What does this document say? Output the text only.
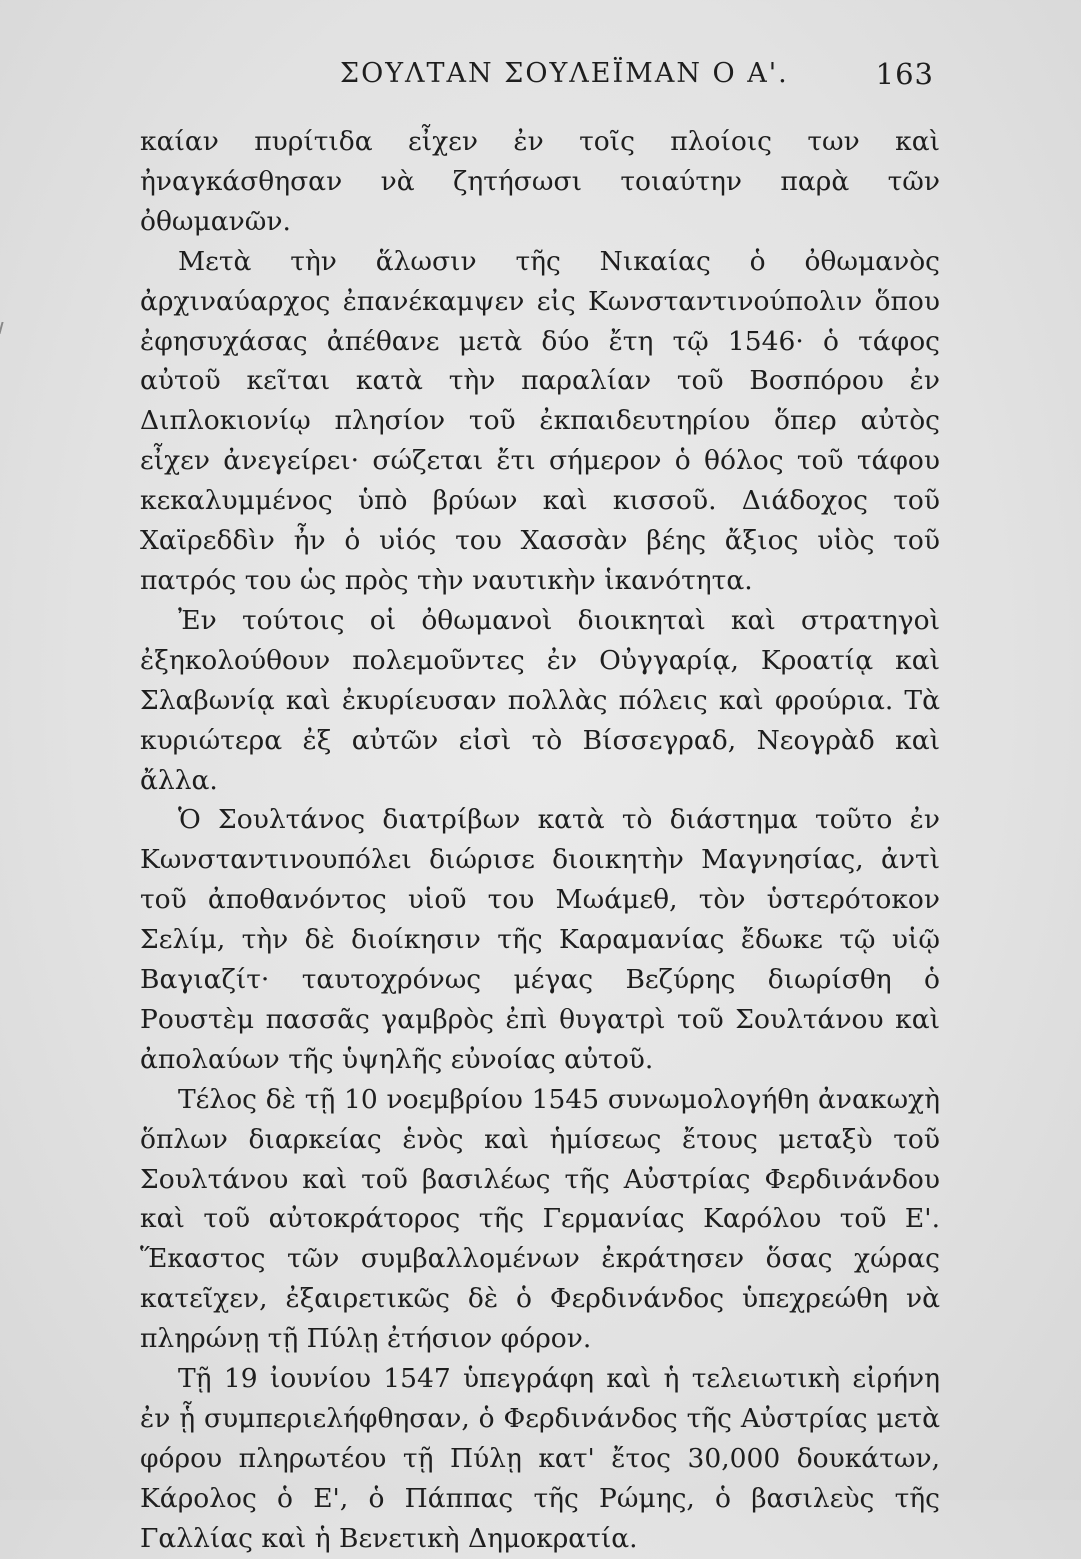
ΣΟΥΛΤΑΝ ΣΟΥΛΕΪΜΑΝ Ο Α'.	163

καίαν πυρίτιδα εἶχεν ἐν τοῖς πλοίοις των καὶ ἠναγκάσθησαν νὰ ζητήσωσι τοιαύτην παρὰ τῶν ὀθωμανῶν.

Μετὰ τὴν ἅλωσιν τῆς Νικαίας ὁ ὀθωμανὸς ἀρχιναύαρχος ἐπανέκαμψεν εἰς Κωνσταντινούπολιν ὅπου ἐφησυχάσας ἀπέθανε μετὰ δύο ἔτη τῷ 1546· ὁ τάφος αὐτοῦ κεῖται κατὰ τὴν παραλίαν τοῦ Βοσπόρου ἐν Διπλοκιονίῳ πλησίον τοῦ ἐκπαιδευτηρίου ὅπερ αὐτὸς εἶχεν ἀνεγείρει· σώζεται ἔτι σήμερον ὁ θόλος τοῦ τάφου κεκαλυμμένος ὑπὸ βρύων καὶ κισσοῦ. Διάδοχος τοῦ Χαϊρεδδὶν ἦν ὁ υἱός του Χασσὰν βέης ἄξιος υἱὸς τοῦ πατρός του ὡς πρὸς τὴν ναυτικὴν ἱκανότητα.

Ἐν τούτοις οἱ ὀθωμανοὶ διοικηταὶ καὶ στρατηγοὶ ἐξηκολούθουν πολεμοῦντες ἐν Οὐγγαρίᾳ, Κροατίᾳ καὶ Σλαβωνίᾳ καὶ ἐκυρίευσαν πολλὰς πόλεις καὶ φρούρια. Τὰ κυριώτερα ἐξ αὐτῶν εἰσὶ τὸ Βίσσεγραδ, Νεογρὰδ καὶ ἄλλα.

Ὁ Σουλτάνος διατρίβων κατὰ τὸ διάστημα τοῦτο ἐν Κωνσταντινουπόλει διώρισε διοικητὴν Μαγνησίας, ἀντὶ τοῦ ἀποθανόντος υἱοῦ του Μωάμεθ, τὸν ὑστερότοκον Σελίμ, τὴν δὲ διοίκησιν τῆς Καραμανίας ἔδωκε τῷ υἱῷ Βαγιαζίτ· ταυτοχρόνως μέγας Βεζύρης διωρίσθη ὁ Ρουστὲμ πασσᾶς γαμβρὸς ἐπὶ θυγατρὶ τοῦ Σουλτάνου καὶ ἀπολαύων τῆς ὑψηλῆς εὐνοίας αὐτοῦ.

Τέλος δὲ τῇ 10 νοεμβρίου 1545 συνωμολογήθη ἀνακωχὴ ὅπλων διαρκείας ἑνὸς καὶ ἡμίσεως ἔτους μεταξὺ τοῦ Σουλτάνου καὶ τοῦ βασιλέως τῆς Αὐστρίας Φερδινάνδου καὶ τοῦ αὐτοκράτορος τῆς Γερμανίας Καρόλου τοῦ Ε'. Ἕκαστος τῶν συμβαλλομένων ἐκράτησεν ὅσας χώρας κατεῖχεν, ἐξαιρετικῶς δὲ ὁ Φερδινάνδος ὑπεχρεώθη νὰ πληρώνῃ τῇ Πύλῃ ἐτήσιον φόρον.

Τῇ 19 ἰουνίου 1547 ὑπεγράφη καὶ ἡ τελειωτικὴ εἰρήνη ἐν ᾗ συμπεριελήφθησαν, ὁ Φερδινάνδος τῆς Αὐστρίας μετὰ φόρου πληρωτέου τῇ Πύλῃ κατ' ἔτος 30,000 δουκάτων, Κάρολος ὁ Ε', ὁ Πάππας τῆς Ρώμης, ὁ βασιλεὺς τῆς Γαλλίας καὶ ἡ Βενετικὴ Δημοκρατία.
